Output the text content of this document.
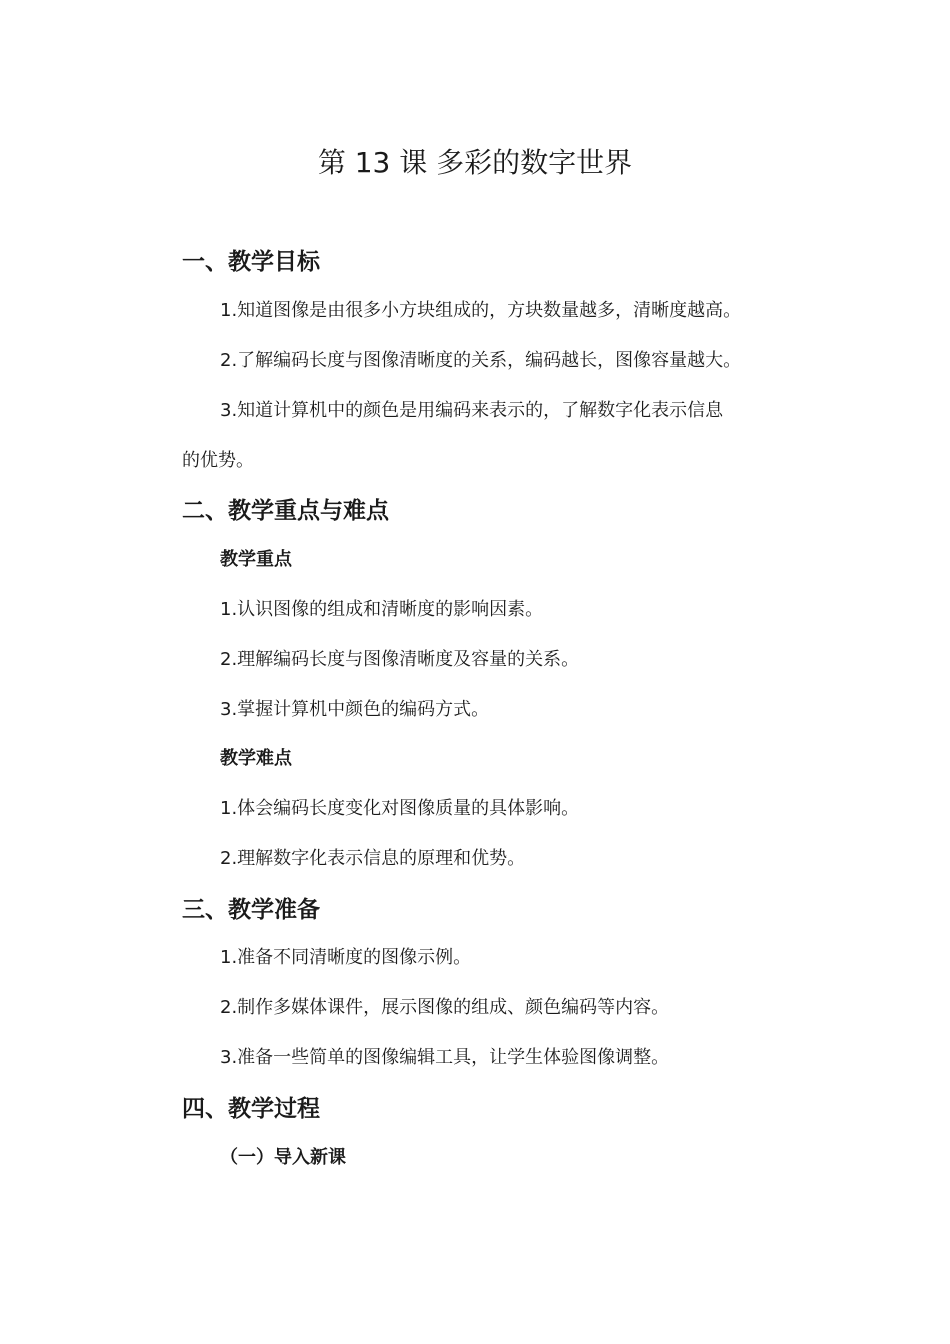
第 13 课 多彩的数字世界
一、教学目标

1.知道图像是由很多小方块组成的，方块数量越多，清晰度越高。

2.了解编码长度与图像清晰度的关系，编码越长，图像容量越大。

3.知道计算机中的颜色是用编码来表示的，了解数字化表示信息

的优势。

二、教学重点与难点
教学重点

1.认识图像的组成和清晰度的影响因素。

2.理解编码长度与图像清晰度及容量的关系。

3.掌握计算机中颜色的编码方式。

教学难点

1.体会编码长度变化对图像质量的具体影响。

2.理解数字化表示信息的原理和优势。

三、教学准备

1.准备不同清晰度的图像示例。

2.制作多媒体课件，展示图像的组成、颜色编码等内容。

3.准备一些简单的图像编辑工具，让学生体验图像调整。

四、教学过程
（一）导入新课
